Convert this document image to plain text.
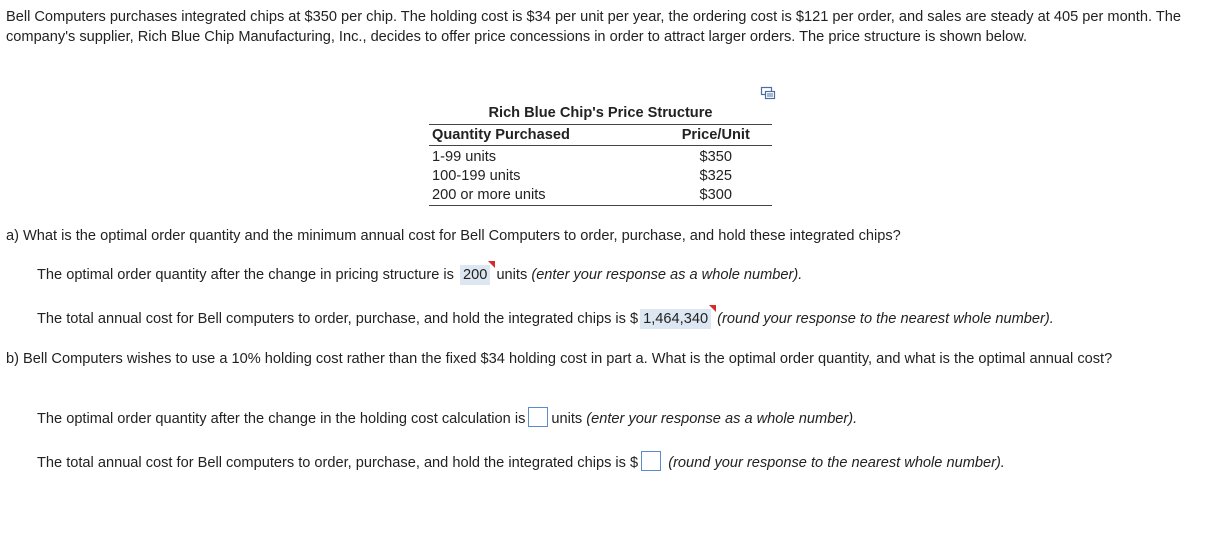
Bell Computers purchases integrated chips at $350 per chip. The holding cost is $34 per unit per year, the ordering cost is $121 per order, and sales are steady at 405 per month. The company's supplier, Rich Blue Chip Manufacturing, Inc., decides to offer price concessions in order to attract larger orders. The price structure is shown below.

Rich Blue Chip's Price Structure
Quantity Purchased	Price/Unit
1-99 units	$350
100-199 units	$325
200 or more units	$300

a) What is the optimal order quantity and the minimum annual cost for Bell Computers to order, purchase, and hold these integrated chips?

The optimal order quantity after the change in pricing structure is 200 units (enter your response as a whole number).

The total annual cost for Bell computers to order, purchase, and hold the integrated chips is $ 1,464,340 (round your response to the nearest whole number).

b) Bell Computers wishes to use a 10% holding cost rather than the fixed $34 holding cost in part a. What is the optimal order quantity, and what is the optimal annual cost?

The optimal order quantity after the change in the holding cost calculation is units (enter your response as a whole number).

The total annual cost for Bell computers to order, purchase, and hold the integrated chips is $ (round your response to the nearest whole number).
